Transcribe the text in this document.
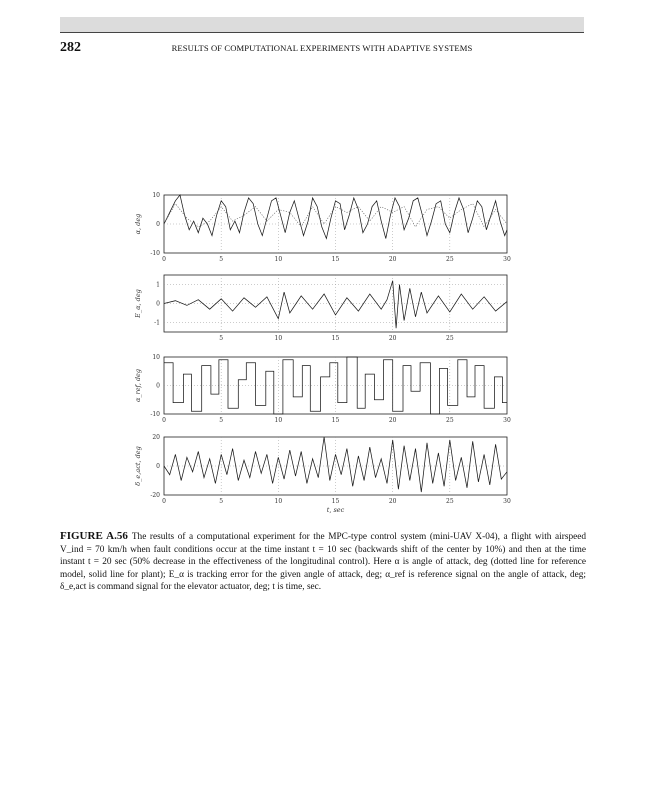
282	RESULTS OF COMPUTATIONAL EXPERIMENTS WITH ADAPTIVE SYSTEMS
10
0
-10
0	5	10	15	20	25	30
α, deg
1
0
-1
5	10	15	20	25
E_α, deg
10
0
-10
0	5	10	15	20	25	30
α_ref, deg
20
0
-20
0	5	10	15	20	25	30
δ_e,act, deg
t, sec
FIGURE A.56 The results of a computational experiment for the MPC-type control system (mini-UAV X-04), a flight with airspeed V_ind = 70 km/h when fault conditions occur at the time instant t = 10 sec (backwards shift of the center by 10%) and then at the time instant t = 20 sec (50% decrease in the effectiveness of the longitudinal control). Here α is angle of attack, deg (dotted line for reference model, solid line for plant); E_α is tracking error for the given angle of attack, deg; α_ref is reference signal on the angle of attack, deg; δ_e,act is command signal for the elevator actuator, deg; t is time, sec.
